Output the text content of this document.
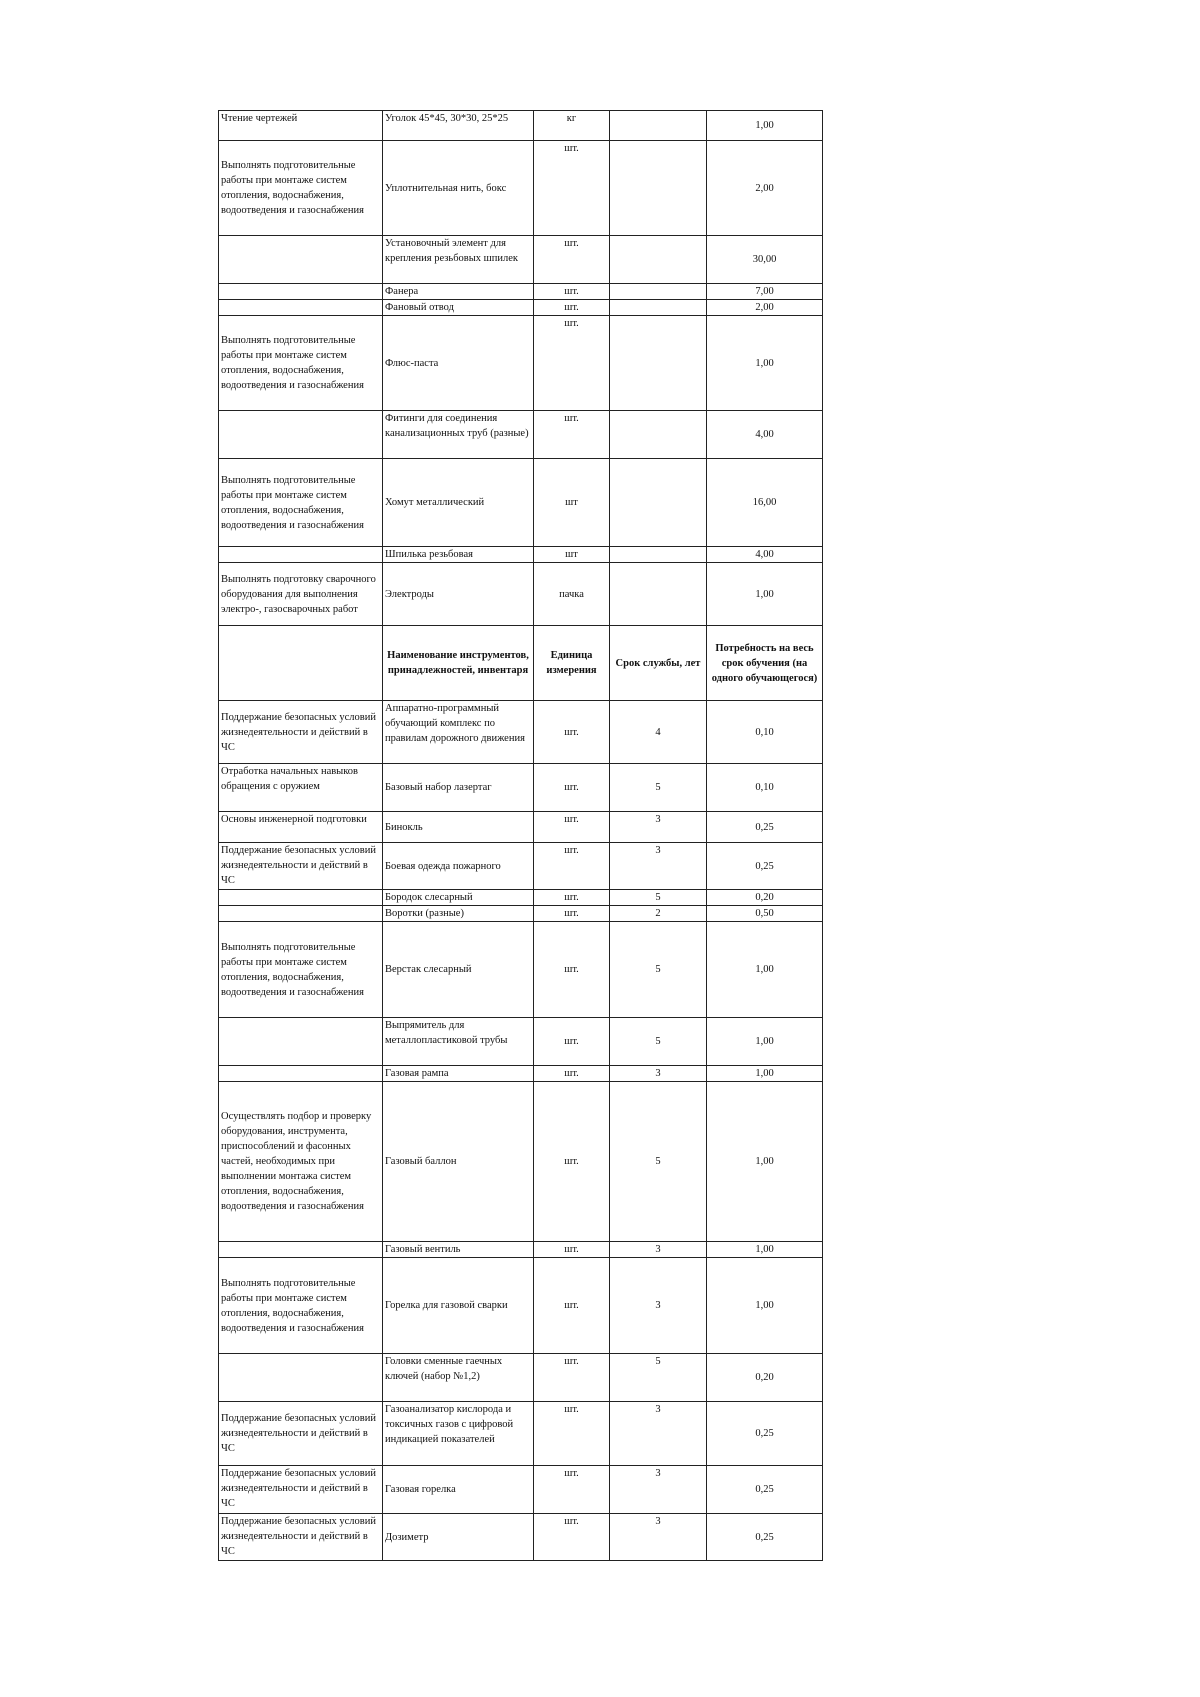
Чтение чертежей	Уголок 45*45, 30*30, 25*25	кг		1,00
Выполнять подготовительные работы при монтаже систем отопления, водоснабжения, водоотведения и газоснабжения	Уплотнительная нить, бокс	шт.		2,00
	Установочный элемент для крепления резьбовых шпилек	шт.		30,00
	Фанера	шт.		7,00
	Фановый отвод	шт.		2,00
Выполнять подготовительные работы при монтаже систем отопления, водоснабжения, водоотведения и газоснабжения	Флюс-паста	шт.		1,00
	Фитинги для соединения канализационных труб (разные)	шт.		4,00
Выполнять подготовительные работы при монтаже систем отопления, водоснабжения, водоотведения и газоснабжения	Хомут металлический	шт		16,00
	Шпилька резьбовая	шт		4,00
Выполнять подготовку сварочного оборудования для выполнения электро-, газосварочных работ	Электроды	пачка		1,00
	Наименование инструментов, принадлежностей, инвентаря	Единица измерения	Срок службы, лет	Потребность на весь срок обучения (на одного обучающегося)
Поддержание безопасных условий жизнедеятельности и действий в ЧС	Аппаратно-программный обучающий комплекс по правилам дорожного движения	шт.	4	0,10
Отработка начальных навыков обращения с оружием	Базовый набор лазертаг	шт.	5	0,10
Основы инженерной подготовки	Бинокль	шт.	3	0,25
Поддержание безопасных условий жизнедеятельности и действий в ЧС	Боевая одежда пожарного	шт.	3	0,25
	Бородок слесарный	шт.	5	0,20
	Воротки (разные)	шт.	2	0,50
Выполнять подготовительные работы при монтаже систем отопления, водоснабжения, водоотведения и газоснабжения	Верстак слесарный	шт.	5	1,00
	Выпрямитель для металлопластиковой трубы	шт.	5	1,00
	Газовая рампа	шт.	3	1,00
Осуществлять подбор и проверку оборудования, инструмента, приспособлений и фасонных частей, необходимых при выполнении монтажа систем отопления, водоснабжения, водоотведения и газоснабжения	Газовый баллон	шт.	5	1,00
	Газовый вентиль	шт.	3	1,00
Выполнять подготовительные работы при монтаже систем отопления, водоснабжения, водоотведения и газоснабжения	Горелка для газовой сварки	шт.	3	1,00
	Головки сменные гаечных ключей (набор №1,2)	шт.	5	0,20
Поддержание безопасных условий жизнедеятельности и действий в ЧС	Газоанализатор кислорода и токсичных газов с цифровой индикацией показателей	шт.	3	0,25
Поддержание безопасных условий жизнедеятельности и действий в ЧС	Газовая горелка	шт.	3	0,25
Поддержание безопасных условий жизнедеятельности и действий в ЧС	Дозиметр	шт.	3	0,25
